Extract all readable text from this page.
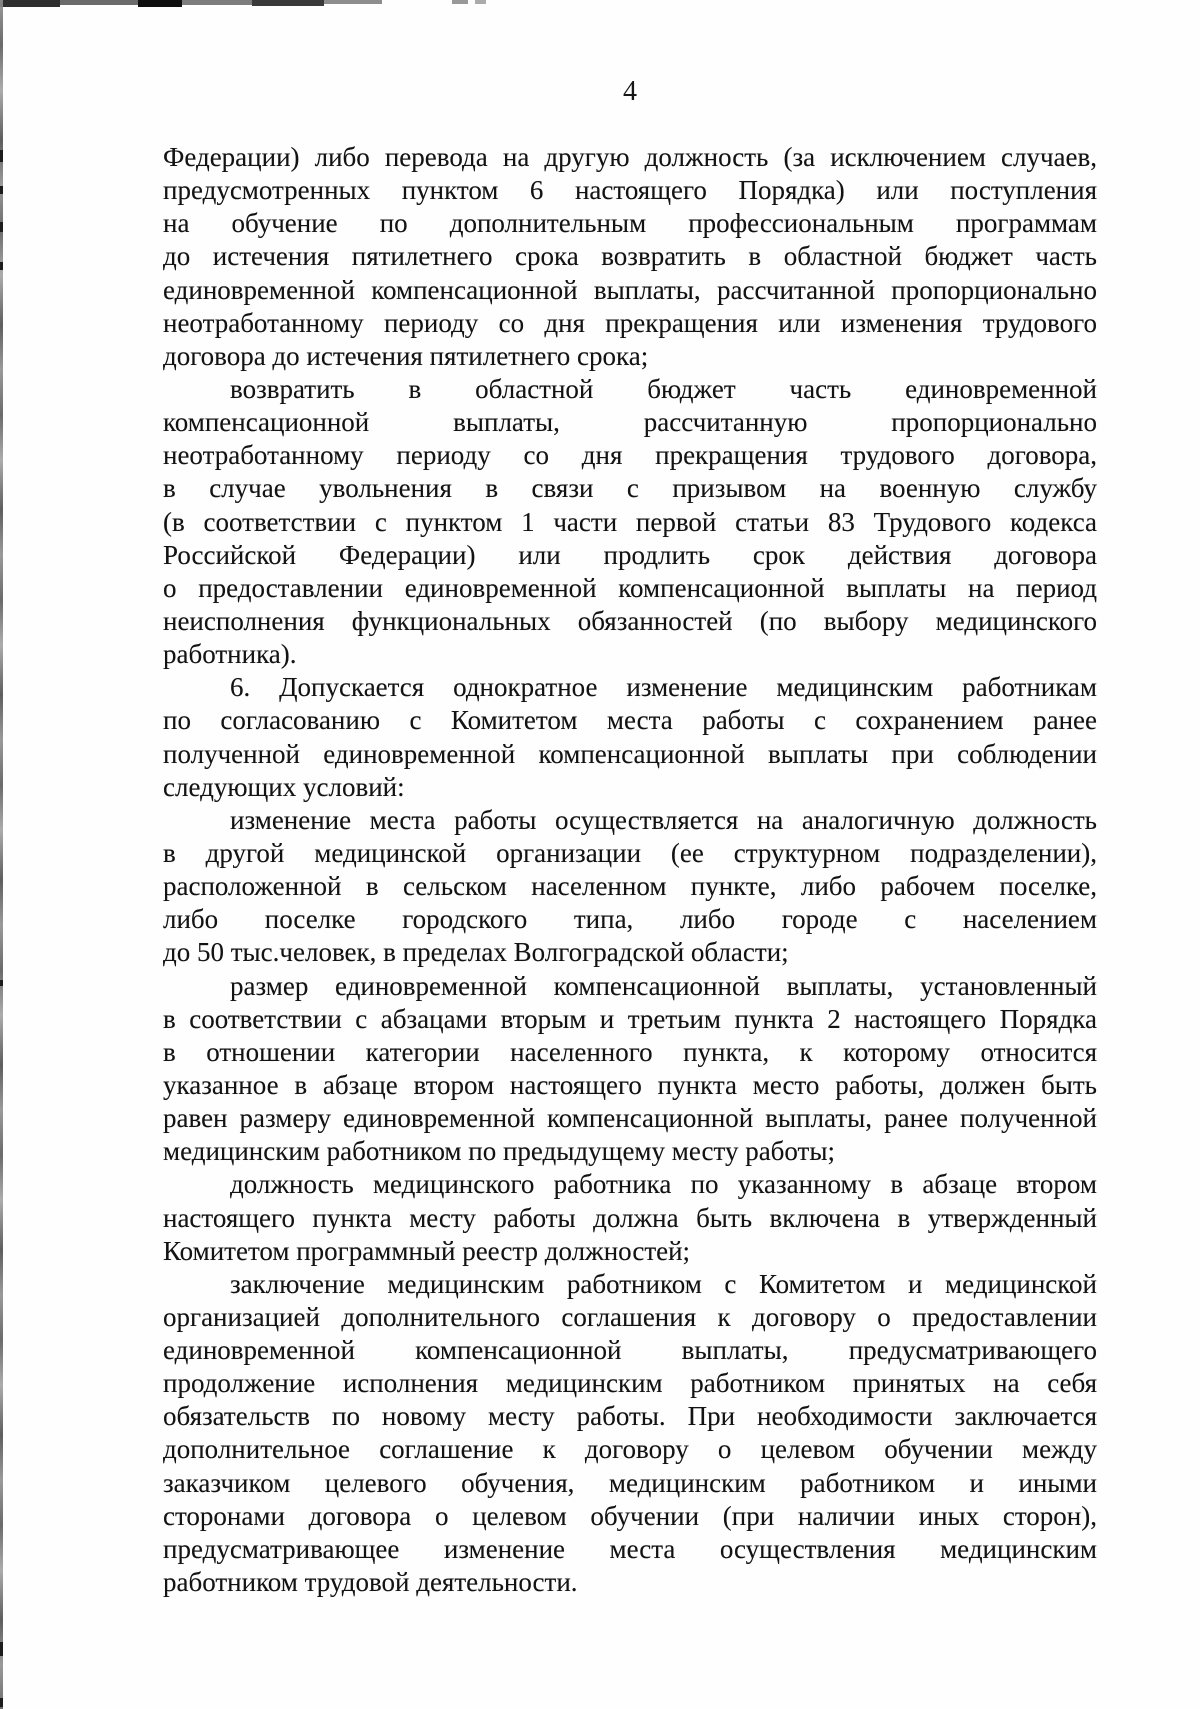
4
Федерации) либо перевода на другую должность (за исключением случаев,
предусмотренных пунктом 6 настоящего Порядка) или поступления
на обучение по дополнительным профессиональным программам
до истечения пятилетнего срока возвратить в областной бюджет часть
единовременной компенсационной выплаты, рассчитанной пропорционально
неотработанному периоду со дня прекращения или изменения трудового
договора до истечения пятилетнего срока;
возвратить в областной бюджет часть единовременной
компенсационной выплаты, рассчитанную пропорционально
неотработанному периоду со дня прекращения трудового договора,
в случае увольнения в связи с призывом на военную службу
(в соответствии с пунктом 1 части первой статьи 83 Трудового кодекса
Российской Федерации) или продлить срок действия договора
о предоставлении единовременной компенсационной выплаты на период
неисполнения функциональных обязанностей (по выбору медицинского
работника).
6. Допускается однократное изменение медицинским работникам
по согласованию с Комитетом места работы с сохранением ранее
полученной единовременной компенсационной выплаты при соблюдении
следующих условий:
изменение места работы осуществляется на аналогичную должность
в другой медицинской организации (ее структурном подразделении),
расположенной в сельском населенном пункте, либо рабочем поселке,
либо поселке городского типа, либо городе с населением
до 50 тыс.человек, в пределах Волгоградской области;
размер единовременной компенсационной выплаты, установленный
в соответствии с абзацами вторым и третьим пункта 2 настоящего Порядка
в отношении категории населенного пункта, к которому относится
указанное в абзаце втором настоящего пункта место работы, должен быть
равен размеру единовременной компенсационной выплаты, ранее полученной
медицинским работником по предыдущему месту работы;
должность медицинского работника по указанному в абзаце втором
настоящего пункта месту работы должна быть включена в утвержденный
Комитетом программный реестр должностей;
заключение медицинским работником с Комитетом и медицинской
организацией дополнительного соглашения к договору о предоставлении
единовременной компенсационной выплаты, предусматривающего
продолжение исполнения медицинским работником принятых на себя
обязательств по новому месту работы. При необходимости заключается
дополнительное соглашение к договору о целевом обучении между
заказчиком целевого обучения, медицинским работником и иными
сторонами договора о целевом обучении (при наличии иных сторон),
предусматривающее изменение места осуществления медицинским
работником трудовой деятельности.
